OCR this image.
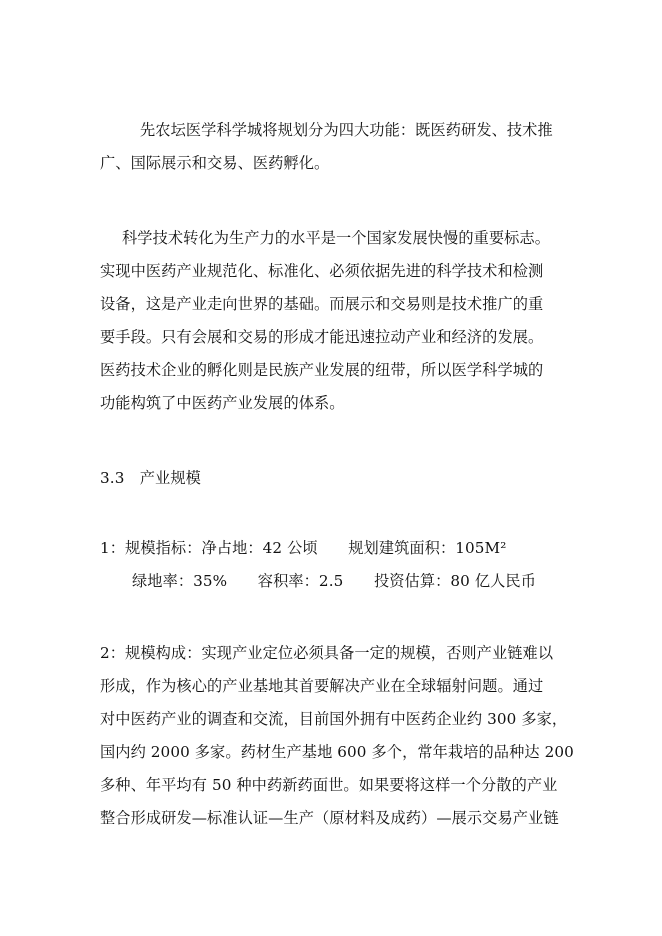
先农坛医学科学城将规划分为四大功能：既医药研发、技术推
广、国际展示和交易、医药孵化。
科学技术转化为生产力的水平是一个国家发展快慢的重要标志。
实现中医药产业规范化、标准化、必须依据先进的科学技术和检测
设备，这是产业走向世界的基础。而展示和交易则是技术推广的重
要手段。只有会展和交易的形成才能迅速拉动产业和经济的发展。
医药技术企业的孵化则是民族产业发展的纽带，所以医学科学城的
功能构筑了中医药产业发展的体系。
3.3　产业规模
1：规模指标：净占地：42 公顷　　规划建筑面积：105M²
绿地率：35%　　容积率：2.5　　投资估算：80 亿人民币
2：规模构成：实现产业定位必须具备一定的规模，否则产业链难以
形成，作为核心的产业基地其首要解决产业在全球辐射问题。通过
对中医药产业的调查和交流，目前国外拥有中医药企业约 300 多家，
国内约 2000 多家。药材生产基地 600 多个，常年栽培的品种达 200
多种、年平均有 50 种中药新药面世。如果要将这样一个分散的产业
整合形成研发—标准认证—生产（原材料及成药）—展示交易产业链
